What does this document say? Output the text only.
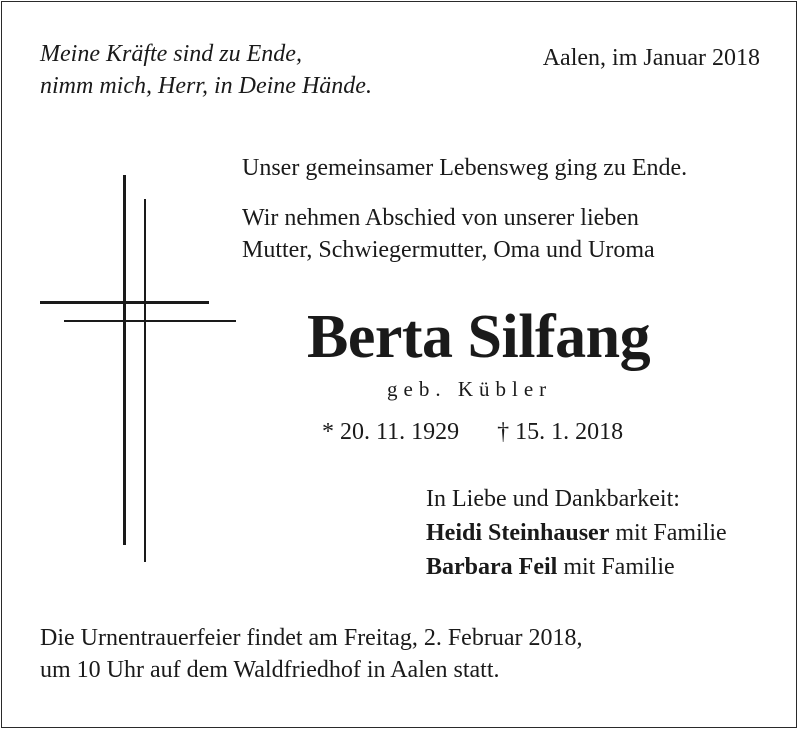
Meine Kräfte sind zu Ende,
nimm mich, Herr, in Deine Hände.
Aalen, im Januar 2018
Unser gemeinsamer Lebensweg ging zu Ende.
Wir nehmen Abschied von unserer lieben
Mutter, Schwiegermutter, Oma und Uroma
Berta Silfang
geb. Kübler
* 20. 11. 1929 † 15. 1. 2018
In Liebe und Dankbarkeit:
Heidi Steinhauser mit Familie
Barbara Feil mit Familie
Die Urnentrauerfeier findet am Freitag, 2. Februar 2018,
um 10 Uhr auf dem Waldfriedhof in Aalen statt.
